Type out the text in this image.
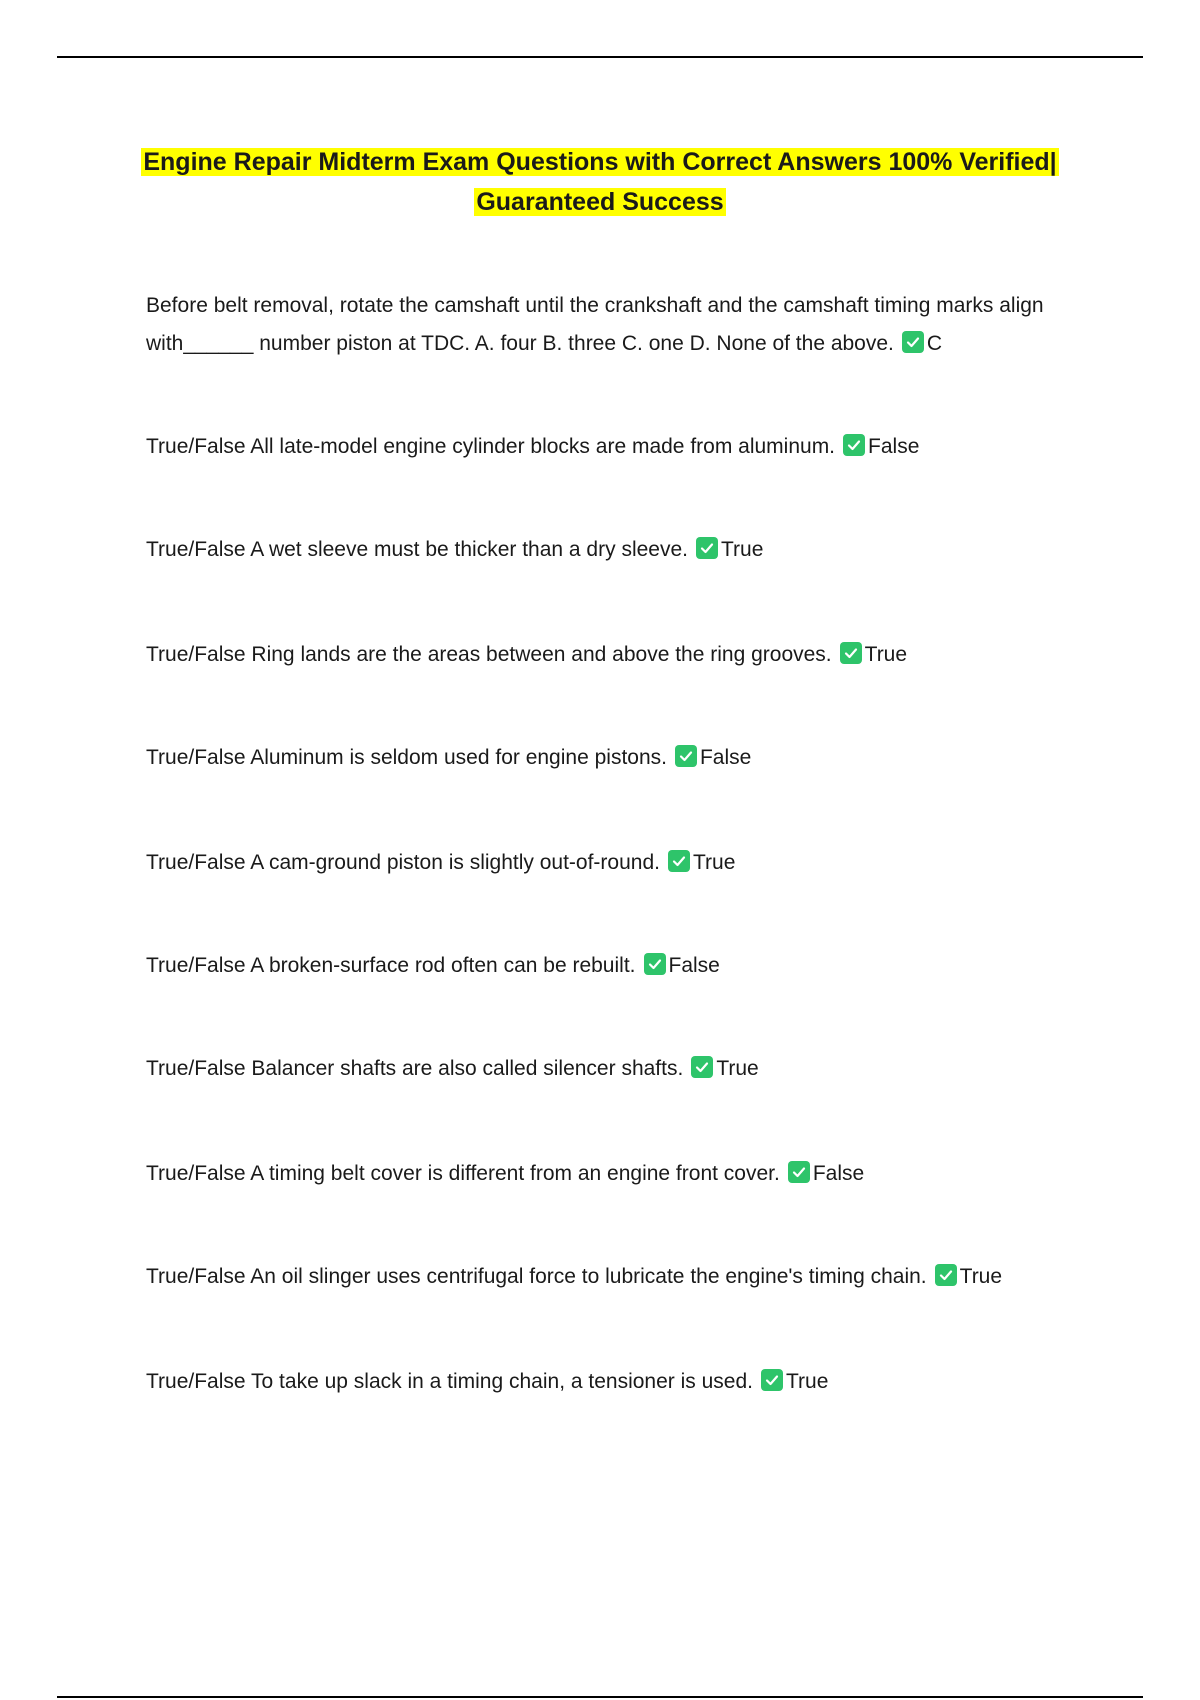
Engine Repair Midterm Exam Questions with Correct Answers 100% Verified|
Guaranteed Success
Before belt removal, rotate the camshaft until the crankshaft and the camshaft timing marks align with______ number piston at TDC. A. four B. three C. one D. None of the above. C
True/False All late-model engine cylinder blocks are made from aluminum. False
True/False A wet sleeve must be thicker than a dry sleeve. True
True/False Ring lands are the areas between and above the ring grooves. True
True/False Aluminum is seldom used for engine pistons. False
True/False A cam-ground piston is slightly out-of-round. True
True/False A broken-surface rod often can be rebuilt. False
True/False Balancer shafts are also called silencer shafts. True
True/False A timing belt cover is different from an engine front cover. False
True/False An oil slinger uses centrifugal force to lubricate the engine's timing chain. True
True/False To take up slack in a timing chain, a tensioner is used. True
